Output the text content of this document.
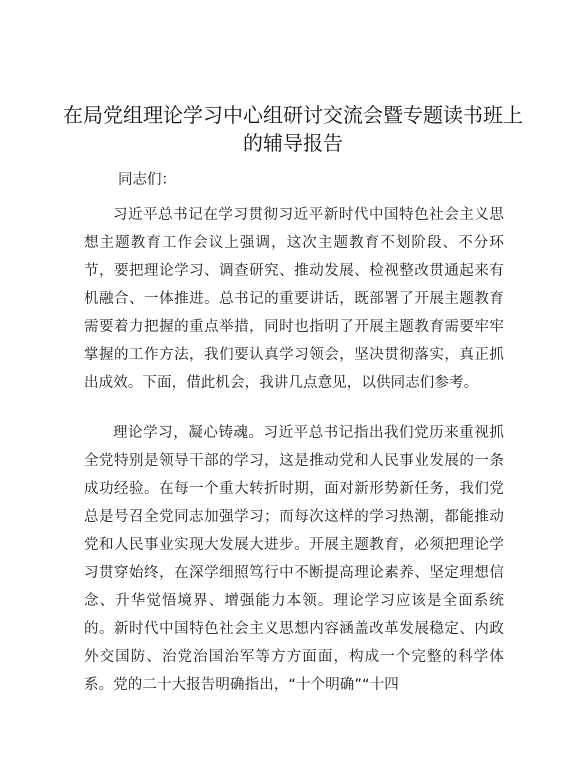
在局党组理论学习中心组研讨交流会暨专题读书班上的辅导报告

同志们：

习近平总书记在学习贯彻习近平新时代中国特色社会主义思想主题教育工作会议上强调，这次主题教育不划阶段、不分环节，要把理论学习、调查研究、推动发展、检视整改贯通起来有机融合、一体推进。总书记的重要讲话，既部署了开展主题教育需要着力把握的重点举措，同时也指明了开展主题教育需要牢牢掌握的工作方法，我们要认真学习领会，坚决贯彻落实，真正抓出成效。下面，借此机会，我讲几点意见，以供同志们参考。

理论学习，凝心铸魂。习近平总书记指出我们党历来重视抓全党特别是领导干部的学习，这是推动党和人民事业发展的一条成功经验。在每一个重大转折时期，面对新形势新任务，我们党总是号召全党同志加强学习；而每次这样的学习热潮，都能推动党和人民事业实现大发展大进步。开展主题教育，必须把理论学习贯穿始终，在深学细照笃行中不断提高理论素养、坚定理想信念、升华觉悟境界、增强能力本领。理论学习应该是全面系统的。新时代中国特色社会主义思想内容涵盖改革发展稳定、内政外交国防、治党治国治军等方方面面，构成一个完整的科学体系。党的二十大报告明确指出，“十个明确”“十四
